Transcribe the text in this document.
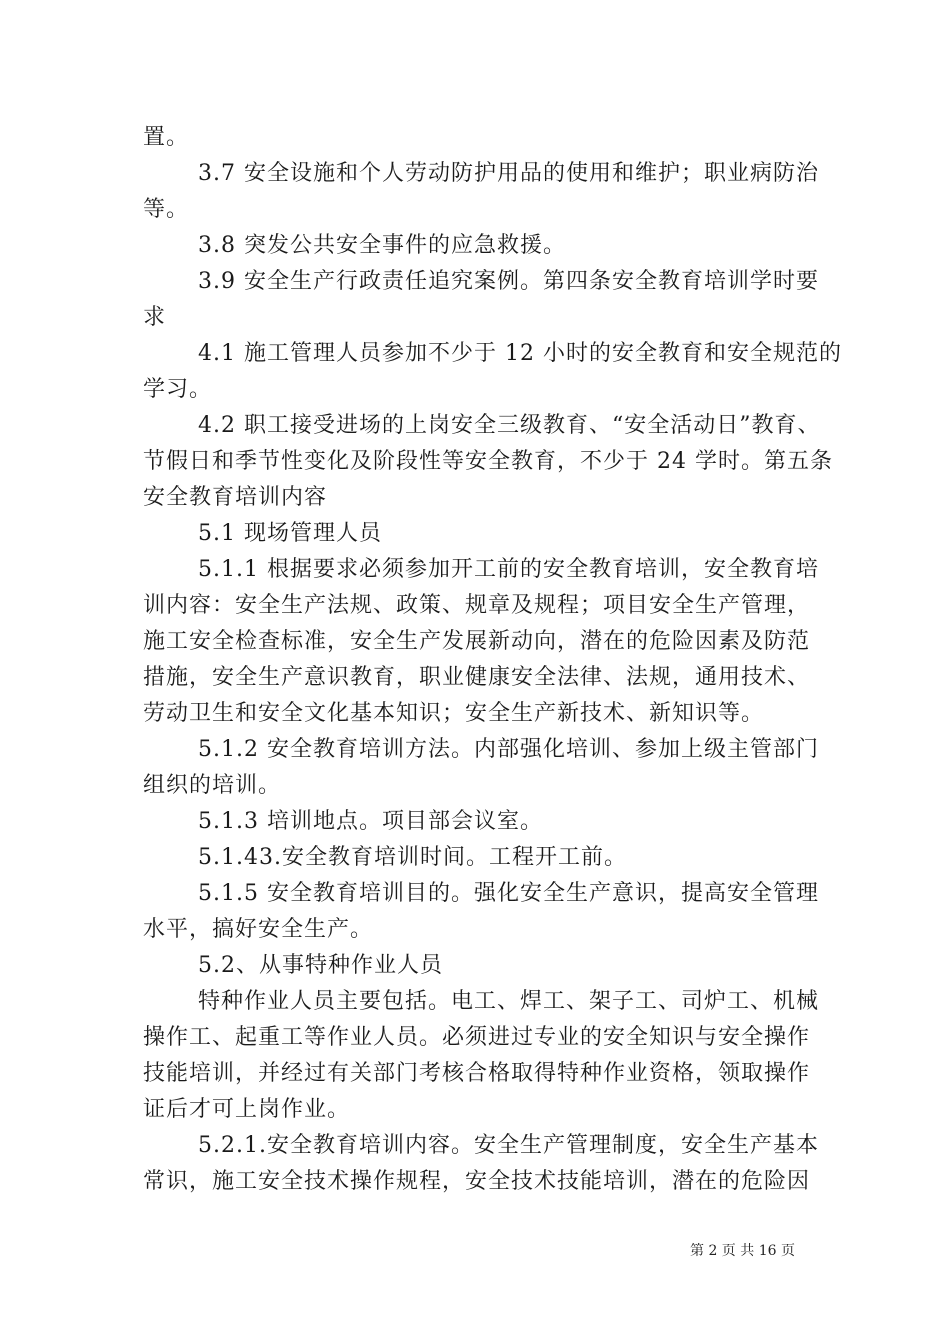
置。
3.7 安全设施和个人劳动防护用品的使用和维护；职业病防治
等。
3.8 突发公共安全事件的应急救援。
3.9 安全生产行政责任追究案例。第四条安全教育培训学时要
求
4.1 施工管理人员参加不少于 12 小时的安全教育和安全规范的
学习。
4.2 职工接受进场的上岗安全三级教育、“安全活动日”教育、
节假日和季节性变化及阶段性等安全教育，不少于 24 学时。第五条
安全教育培训内容
5.1 现场管理人员
5.1.1 根据要求必须参加开工前的安全教育培训，安全教育培
训内容：安全生产法规、政策、规章及规程；项目安全生产管理，
施工安全检查标准，安全生产发展新动向，潜在的危险因素及防范
措施，安全生产意识教育，职业健康安全法律、法规，通用技术、
劳动卫生和安全文化基本知识；安全生产新技术、新知识等。
5.1.2 安全教育培训方法。内部强化培训、参加上级主管部门
组织的培训。
5.1.3 培训地点。项目部会议室。
5.1.43.安全教育培训时间。工程开工前。
5.1.5 安全教育培训目的。强化安全生产意识，提高安全管理
水平，搞好安全生产。
5.2、从事特种作业人员
特种作业人员主要包括。电工、焊工、架子工、司炉工、机械
操作工、起重工等作业人员。必须进过专业的安全知识与安全操作
技能培训，并经过有关部门考核合格取得特种作业资格，领取操作
证后才可上岗作业。
5.2.1.安全教育培训内容。安全生产管理制度，安全生产基本
常识，施工安全技术操作规程，安全技术技能培训，潜在的危险因
第 2 页 共 16 页
